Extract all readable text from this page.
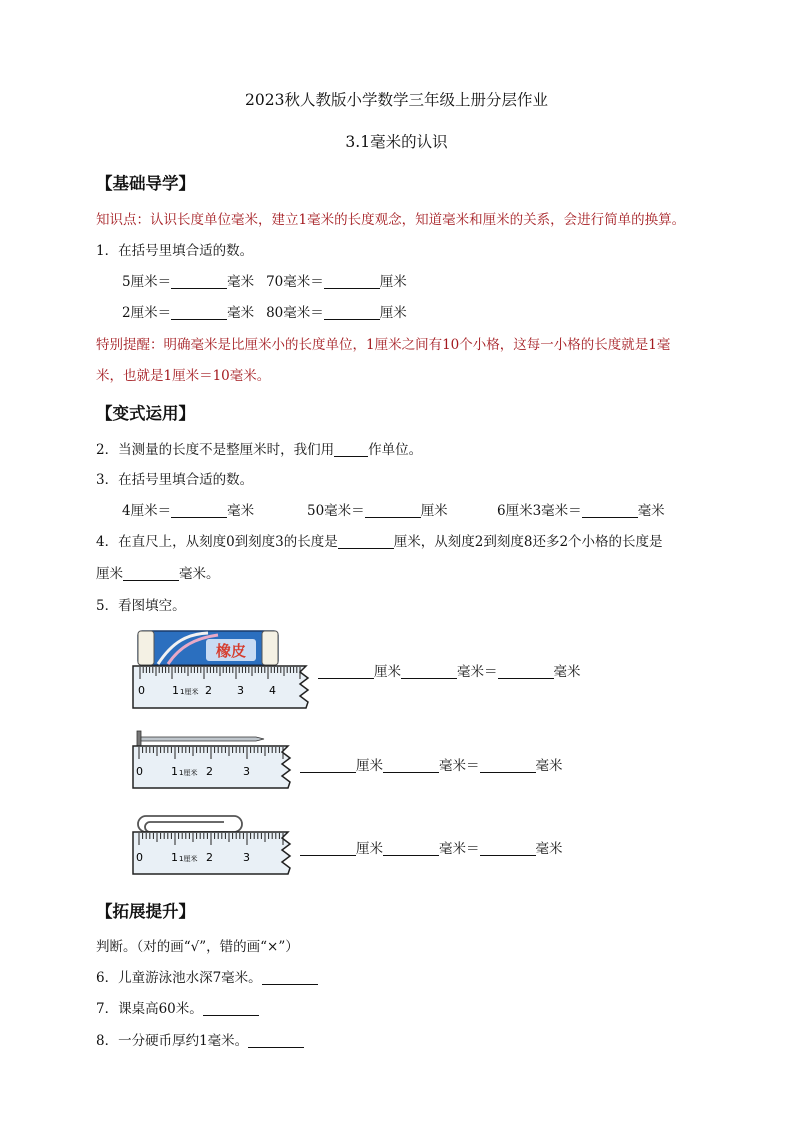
2023秋人教版小学数学三年级上册分层作业
3.1毫米的认识
【基础导学】
知识点：认识长度单位毫米，建立1毫米的长度观念，知道毫米和厘米的关系，会进行简单的换算。
1．在括号里填合适的数。
5厘米＝	毫米 70毫米＝	厘米
2厘米＝	毫米 80毫米＝	厘米
特别提醒：明确毫米是比厘米小的长度单位，1厘米之间有10个小格，这每一小格的长度就是1毫
米，也就是1厘米＝10毫米。
【变式运用】
2．当测量的长度不是整厘米时，我们用	作单位。
3．在括号里填合适的数。
4厘米＝	毫米	50毫米＝	厘米	6厘米3毫米＝	毫米
4．在直尺上，从刻度0到刻度3的长度是	厘米，从刻度2到刻度8还多2个小格的长度是
厘米	毫米。
5．看图填空。
橡皮
0 1 1厘米 2 3 4
厘米	毫米＝	毫米
0	1 1厘米 2	3	厘米	毫米＝	毫米
0	1 1厘米 2	3
厘米	毫米＝	毫米
【拓展提升】
判断。（对的画“√”，错的画“×”）
6．儿童游泳池水深7毫米。
7．课桌高60米。
8．一分硬币厚约1毫米。
